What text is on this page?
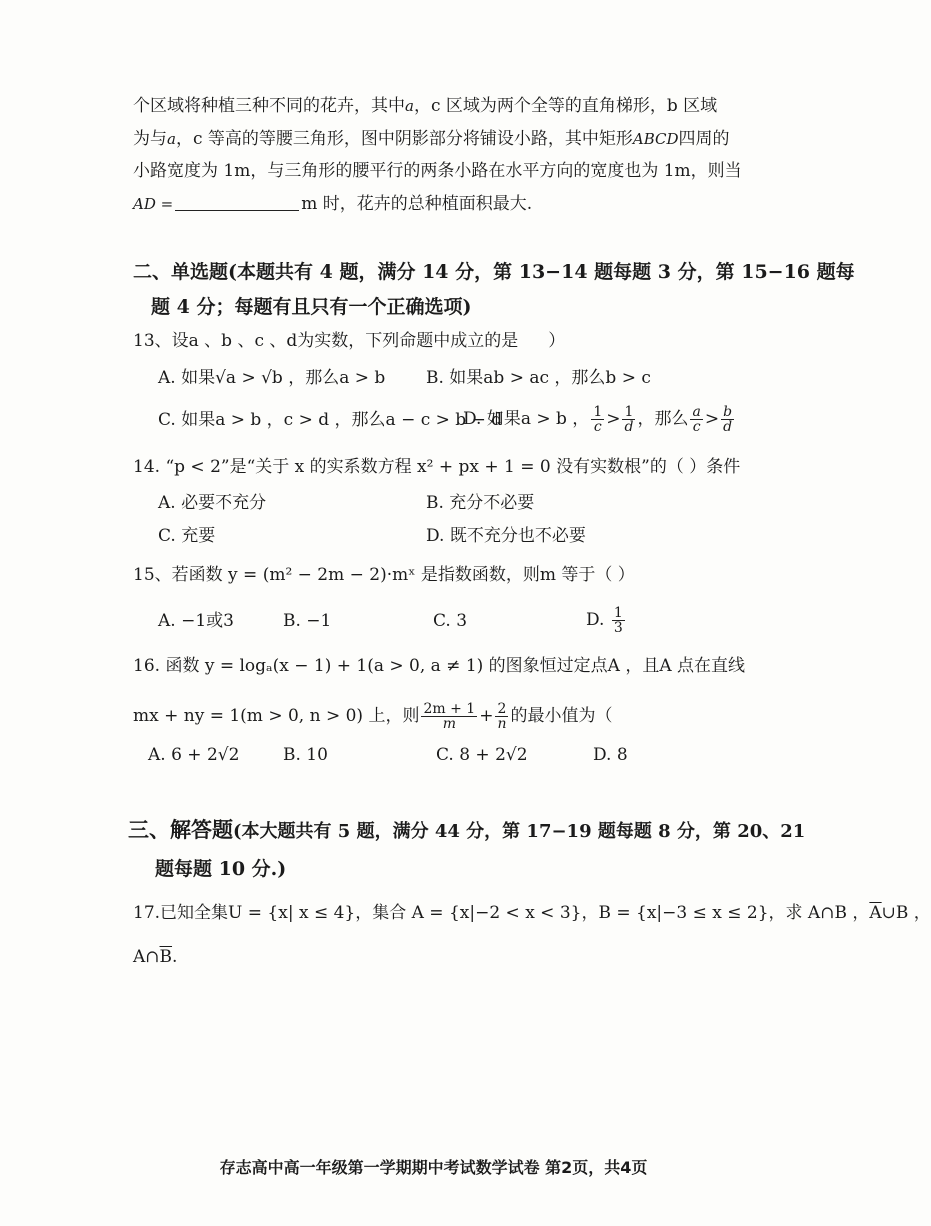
个区域将种植三种不同的花卉，其中a，c 区域为两个全等的直角梯形，b 区域
为与a，c 等高的等腰三角形，图中阴影部分将铺设小路，其中矩形ABCD四周的
小路宽度为 1m，与三角形的腰平行的两条小路在水平方向的宽度也为 1m，则当
AD =	m 时，花卉的总种植面积最大.
二、单选题(本题共有 4 题，满分 14 分，第 13−14 题每题 3 分，第 15−16 题每
题 4 分；每题有且只有一个正确选项)
13、设a 、b 、c 、d为实数，下列命题中成立的是 ）
A. 如果√a > √b ，那么a > b B. 如果ab > ac ，那么b > c
C. 如果a > b ，c > d ，那么a − c > b − d
D. 如果a > b ， $\frac{1}{c} > \frac{1}{d}$ ，那么 $\frac{a}{c} > \frac{b}{d}$
14. “p < 2”是“关于 x 的实系数方程 x² + px + 1 = 0 没有实数根”的（ ）条件
A. 必要不充分	B. 充分不必要
C. 充要	D. 既不充分也不必要
15、若函数 y = (m² − 2m − 2)·mˣ 是指数函数，则m 等于（ ）
A. −1或3	B. −1	C. 3	D. $\frac{1}{3}$
16. 函数 y = logₐ(x − 1) + 1(a > 0, a ≠ 1) 的图象恒过定点A ，且A 点在直线
mx + ny = 1(m > 0, n > 0) 上，则 $\frac{2m + 1}{m} + \frac{2}{n}$ 的最小值为（
A. 6 + 2√2	B. 10	C. 8 + 2√2	D. 8
三、解答题(本大题共有 5 题，满分 44 分，第 17−19 题每题 8 分，第 20、21
题每题 10 分.)
17.已知全集U = {x| x ≤ 4}，集合 A = {x|−2 < x < 3}，B = {x|−3 ≤ x ≤ 2}，求 A∩B ，$\overline{A}\cup B$ ，
$A\cap\overline{B}$.
存志高中高一年级第一学期期中考试数学试卷 第2页，共4页
